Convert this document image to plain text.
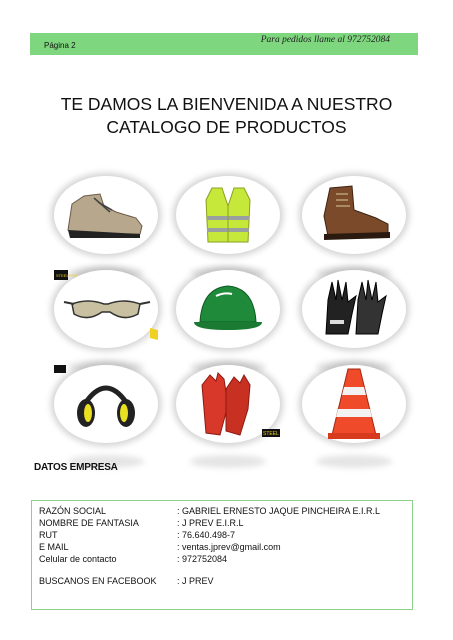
Página 2
Para pedidos llame al 972752084
TE DAMOS LA BIENVENIDA A NUESTRO
CATALOGO DE PRODUCTOS
STEELPRO
STEEL
DATOS EMPRESA
RAZÓN SOCIAL	: GABRIEL ERNESTO JAQUE PINCHEIRA E.I.R.L
NOMBRE DE FANTASIA	: J PREV E.I.R.L
RUT	: 76.640.498-7
E MAIL	: ventas.jprev@gmail.com
Celular de contacto	: 972752084
BUSCANOS EN FACEBOOK : J PREV
